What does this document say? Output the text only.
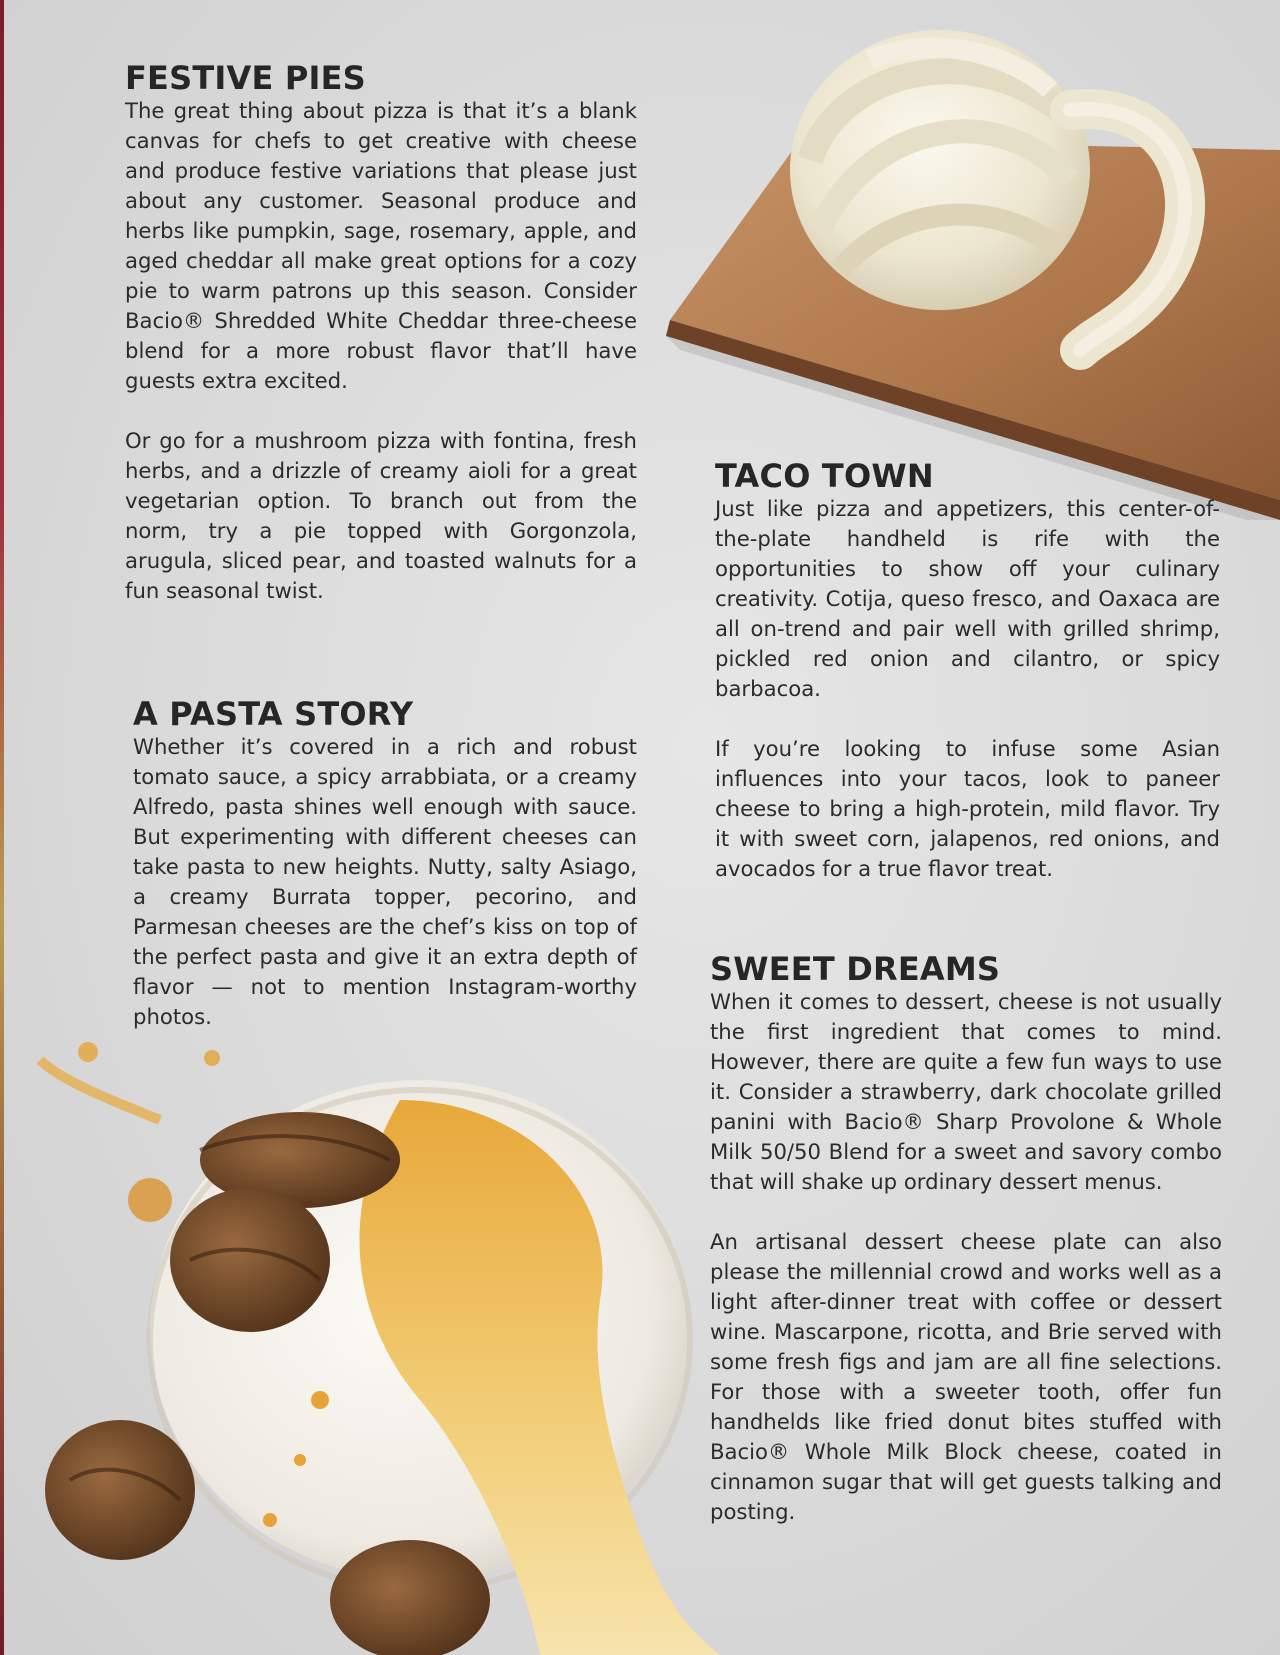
FESTIVE PIES

The great thing about pizza is that it’s a blank canvas for chefs to get creative with cheese and produce festive variations that please just about any customer. Seasonal produce and herbs like pumpkin, sage, rosemary, apple, and aged cheddar all make great options for a cozy pie to warm patrons up this season. Consider Bacio® Shredded White Cheddar three-cheese blend for a more robust flavor that’ll have guests extra excited.

Or go for a mushroom pizza with fontina, fresh herbs, and a drizzle of creamy aioli for a great vegetarian option. To branch out from the norm, try a pie topped with Gorgonzola, arugula, sliced pear, and toasted walnuts for a fun seasonal twist.

A PASTA STORY

Whether it’s covered in a rich and robust tomato sauce, a spicy arrabbiata, or a creamy Alfredo, pasta shines well enough with sauce. But experimenting with different cheeses can take pasta to new heights. Nutty, salty Asiago, a creamy Burrata topper, pecorino, and Parmesan cheeses are the chef’s kiss on top of the perfect pasta and give it an extra depth of flavor — not to mention Instagram-worthy photos.

TACO TOWN

Just like pizza and appetizers, this center-of-the-plate handheld is rife with the opportunities to show off your culinary creativity. Cotija, queso fresco, and Oaxaca are all on-trend and pair well with grilled shrimp, pickled red onion and cilantro, or spicy barbacoa.

If you’re looking to infuse some Asian influences into your tacos, look to paneer cheese to bring a high-protein, mild flavor. Try it with sweet corn, jalapenos, red onions, and avocados for a true flavor treat.

SWEET DREAMS

When it comes to dessert, cheese is not usually the first ingredient that comes to mind. However, there are quite a few fun ways to use it. Consider a strawberry, dark chocolate grilled panini with Bacio® Sharp Provolone & Whole Milk 50/50 Blend for a sweet and savory combo that will shake up ordinary dessert menus.

An artisanal dessert cheese plate can also please the millennial crowd and works well as a light after-dinner treat with coffee or dessert wine. Mascarpone, ricotta, and Brie served with some fresh figs and jam are all fine selections. For those with a sweeter tooth, offer fun handhelds like fried donut bites stuffed with Bacio® Whole Milk Block cheese, coated in cinnamon sugar that will get guests talking and posting.
